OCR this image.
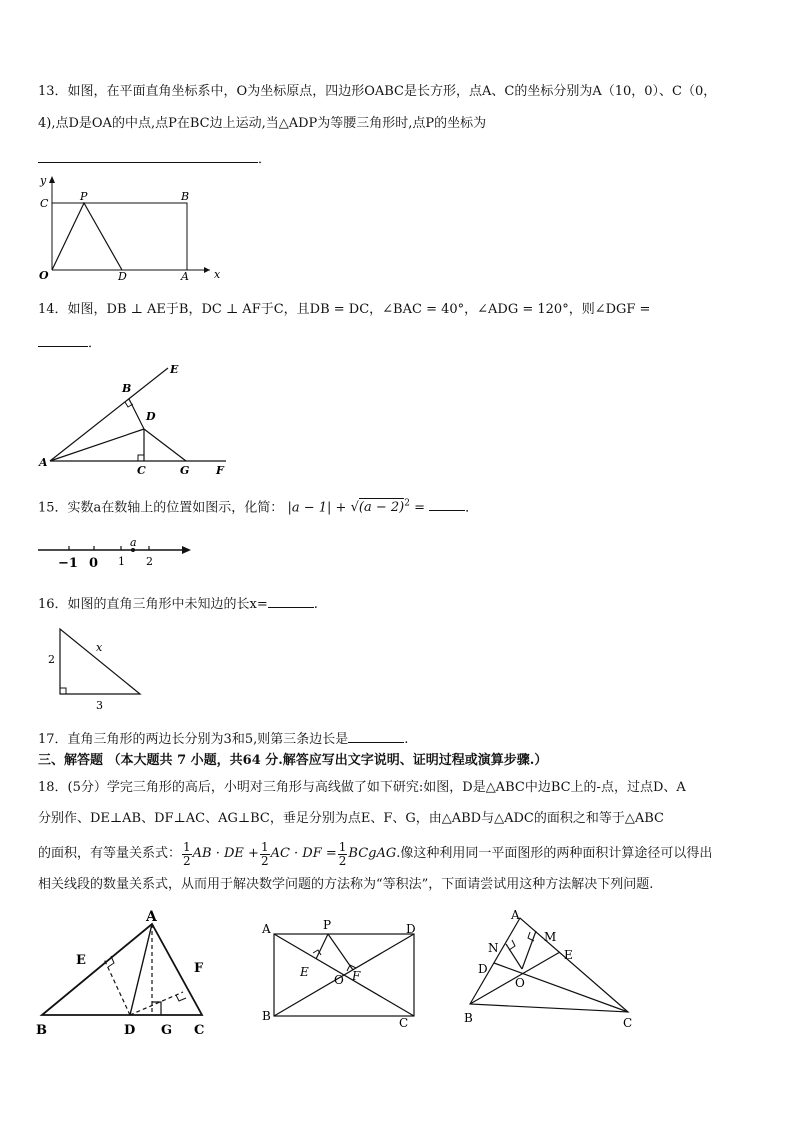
13．如图，在平面直角坐标系中，O为坐标原点，四边形OABC是长方形，点A、C的坐标分别为A（10，0）、C（0，
4),点D是OA的中点,点P在BC边上运动,当△ADP为等腰三角形时,点P的坐标为
．
y
x
C
P	B
O	D	A
14．如图，DB ⊥ AE于B，DC ⊥ AF于C，且DB = DC，∠BAC = 40°，∠ADG = 120°，则∠DGF =
．
A
B
D
E
C	G F
15．实数a在数轴上的位置如图示，化简： $|a - 1| + √(a - 2)^2$ =	．
a
−1 0 1 2
16．如图的直角三角形中未知边的长x=	.
2
x
3
17．直角三角形的两边长分别为3和5,则第三条边长是	.
三、解答题 （本大题共 7 小题，共64 分.解答应写出文字说明、证明过程或演算步骤.）
18．(5分）学完三角形的高后，小明对三角形与高线做了如下研究:如图，D是△ABC中边BC上的-点，过点D、A
分别作、DE⊥AB、DF⊥AC、AG⊥BC，垂足分别为点E、F、G，由△ABD与△ADC的面积之和等于△ABC
的面积，有等量关系式： $\frac{1}{2}$ AB · DE + $\frac{1}{2}$ AC · DF = $\frac{1}{2}$ BCgAG .像这种利用同一平面图形的两种面积计算途径可以得出
相关线段的数量关系式，从而用于解决数学问题的方法称为“等积法”，下面请尝试用这种方法解决下列问题.
A
E
F
B	D G C
A	P	D
E
O F
B	C
A
N
M
D
E
O
B	C
